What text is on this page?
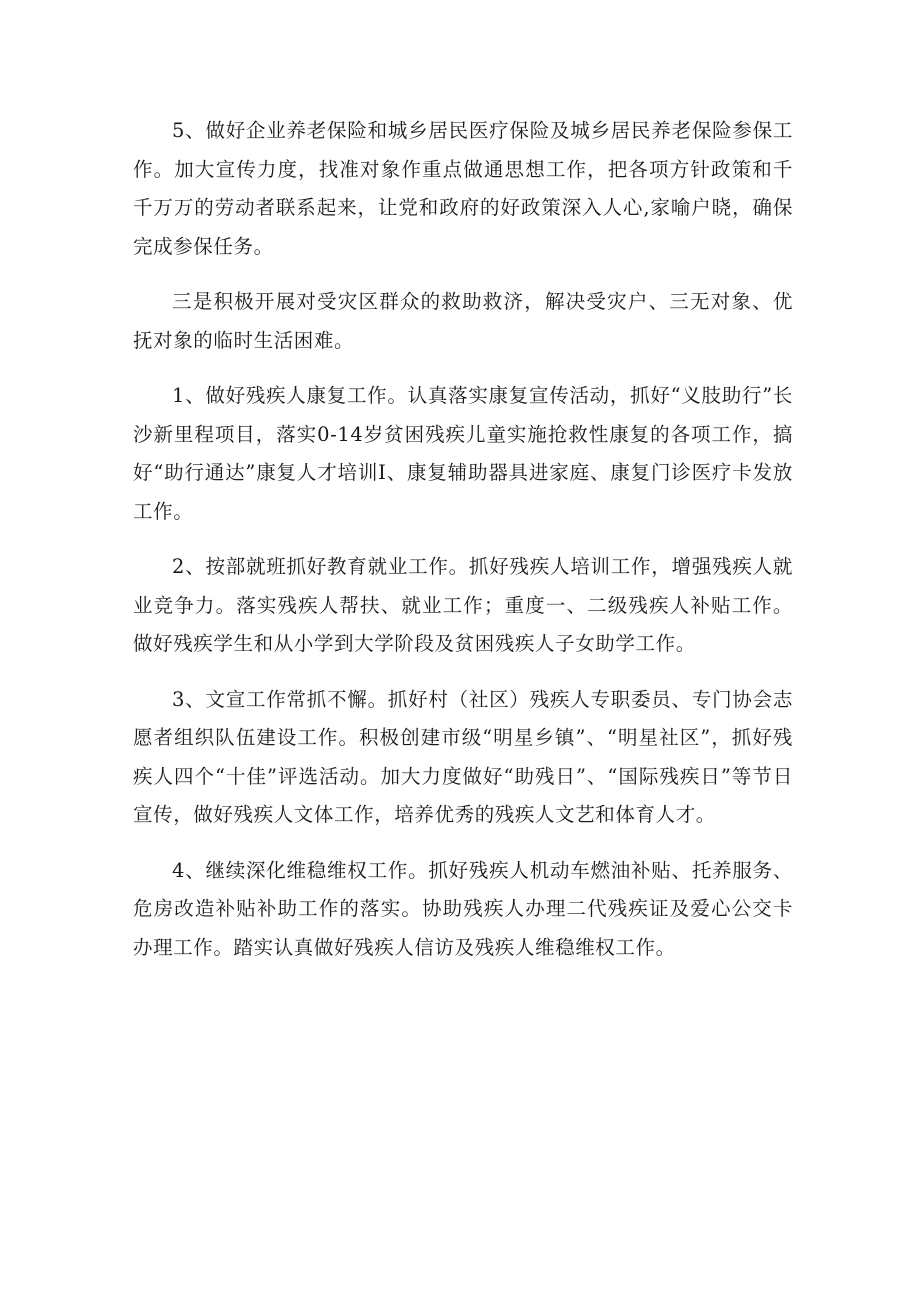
5、做好企业养老保险和城乡居民医疗保险及城乡居民养老保险参保工作。加大宣传力度，找准对象作重点做通思想工作，把各项方针政策和千千万万的劳动者联系起来，让党和政府的好政策深入人心,家喻户晓，确保完成参保任务。

三是积极开展对受灾区群众的救助救济，解决受灾户、三无对象、优抚对象的临时生活困难。

1、做好残疾人康复工作。认真落实康复宣传活动，抓好“义肢助行”长沙新里程项目，落实0-14岁贫困残疾儿童实施抢救性康复的各项工作，搞好“助行通达”康复人才培训I、康复辅助器具进家庭、康复门诊医疗卡发放工作。

2、按部就班抓好教育就业工作。抓好残疾人培训工作，增强残疾人就业竞争力。落实残疾人帮扶、就业工作；重度一、二级残疾人补贴工作。做好残疾学生和从小学到大学阶段及贫困残疾人子女助学工作。

3、文宣工作常抓不懈。抓好村（社区）残疾人专职委员、专门协会志愿者组织队伍建设工作。积极创建市级“明星乡镇”、“明星社区”，抓好残疾人四个“十佳”评选活动。加大力度做好“助残日”、“国际残疾日”等节日宣传，做好残疾人文体工作，培养优秀的残疾人文艺和体育人才。

4、继续深化维稳维权工作。抓好残疾人机动车燃油补贴、托养服务、危房改造补贴补助工作的落实。协助残疾人办理二代残疾证及爱心公交卡办理工作。踏实认真做好残疾人信访及残疾人维稳维权工作。
